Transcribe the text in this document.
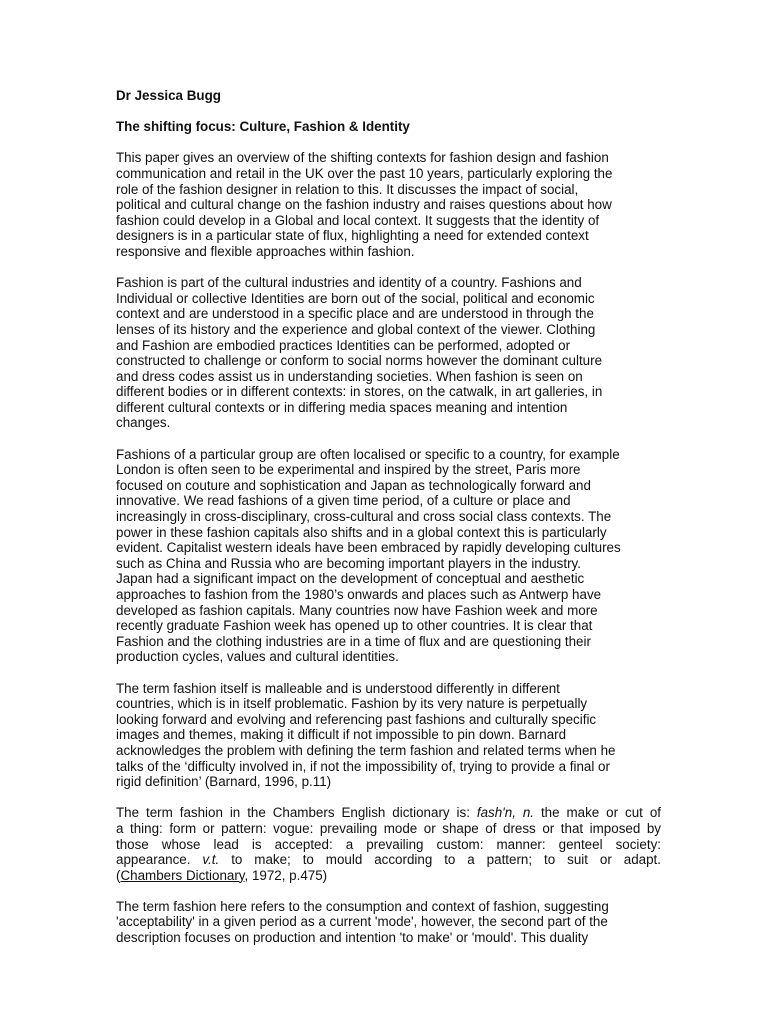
Dr Jessica Bugg
The shifting focus: Culture, Fashion & Identity
This paper gives an overview of the shifting contexts for fashion design and fashion
communication and retail in the UK over the past 10 years, particularly exploring the
role of the fashion designer in relation to this. It discusses the impact of social,
political and cultural change on the fashion industry and raises questions about how
fashion could develop in a Global and local context. It suggests that the identity of
designers is in a particular state of flux, highlighting a need for extended context
responsive and flexible approaches within fashion.
Fashion is part of the cultural industries and identity of a country. Fashions and
Individual or collective Identities are born out of the social, political and economic
context and are understood in a specific place and are understood in through the
lenses of its history and the experience and global context of the viewer. Clothing
and Fashion are embodied practices Identities can be performed, adopted or
constructed to challenge or conform to social norms however the dominant culture
and dress codes assist us in understanding societies. When fashion is seen on
different bodies or in different contexts: in stores, on the catwalk, in art galleries, in
different cultural contexts or in differing media spaces meaning and intention
changes.
Fashions of a particular group are often localised or specific to a country, for example
London is often seen to be experimental and inspired by the street, Paris more
focused on couture and sophistication and Japan as technologically forward and
innovative. We read fashions of a given time period, of a culture or place and
increasingly in cross-disciplinary, cross-cultural and cross social class contexts. The
power in these fashion capitals also shifts and in a global context this is particularly
evident. Capitalist western ideals have been embraced by rapidly developing cultures
such as China and Russia who are becoming important players in the industry.
Japan had a significant impact on the development of conceptual and aesthetic
approaches to fashion from the 1980’s onwards and places such as Antwerp have
developed as fashion capitals. Many countries now have Fashion week and more
recently graduate Fashion week has opened up to other countries. It is clear that
Fashion and the clothing industries are in a time of flux and are questioning their
production cycles, values and cultural identities.
The term fashion itself is malleable and is understood differently in different
countries, which is in itself problematic. Fashion by its very nature is perpetually
looking forward and evolving and referencing past fashions and culturally specific
images and themes, making it difficult if not impossible to pin down. Barnard
acknowledges the problem with defining the term fashion and related terms when he
talks of the ‘difficulty involved in, if not the impossibility of, trying to provide a final or
rigid definition’ (Barnard, 1996, p.11)
The term fashion in the Chambers English dictionary is: fash'n, n. the make or cut of
a thing: form or pattern: vogue: prevailing mode or shape of dress or that imposed by
those whose lead is accepted: a prevailing custom: manner: genteel society:
appearance. v.t. to make; to mould according to a pattern; to suit or adapt.
(Chambers Dictionary, 1972, p.475)
The term fashion here refers to the consumption and context of fashion, suggesting
'acceptability' in a given period as a current 'mode', however, the second part of the
description focuses on production and intention 'to make' or 'mould'. This duality
